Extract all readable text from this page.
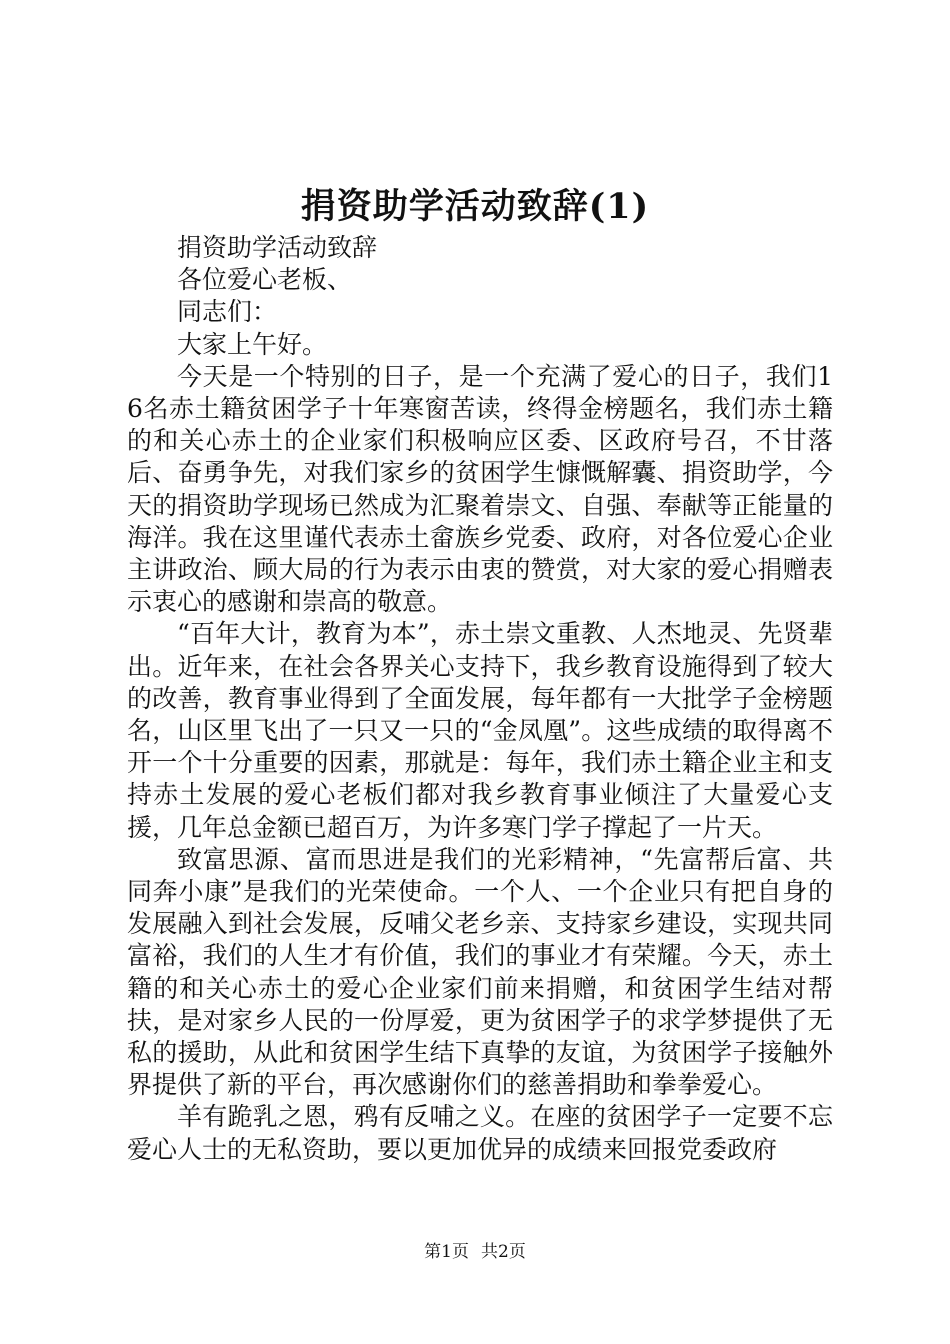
捐资助学活动致辞(1)

捐资助学活动致辞

各位爱心老板、

同志们：

大家上午好。

今天是一个特别的日子，是一个充满了爱心的日子，我们16名赤土籍贫困学子十年寒窗苦读，终得金榜题名，我们赤土籍的和关心赤土的企业家们积极响应区委、区政府号召，不甘落后、奋勇争先，对我们家乡的贫困学生慷慨解囊、捐资助学，今天的捐资助学现场已然成为汇聚着崇文、自强、奉献等正能量的海洋。我在这里谨代表赤土畲族乡党委、政府，对各位爱心企业主讲政治、顾大局的行为表示由衷的赞赏，对大家的爱心捐赠表示衷心的感谢和崇高的敬意。

“百年大计，教育为本”，赤土崇文重教、人杰地灵、先贤辈出。近年来，在社会各界关心支持下，我乡教育设施得到了较大的改善，教育事业得到了全面发展，每年都有一大批学子金榜题名，山区里飞出了一只又一只的“金凤凰”。这些成绩的取得离不开一个十分重要的因素，那就是：每年，我们赤土籍企业主和支持赤土发展的爱心老板们都对我乡教育事业倾注了大量爱心支援，几年总金额已超百万，为许多寒门学子撑起了一片天。

致富思源、富而思进是我们的光彩精神，“先富帮后富、共同奔小康”是我们的光荣使命。一个人、一个企业只有把自身的发展融入到社会发展，反哺父老乡亲、支持家乡建设，实现共同富裕，我们的人生才有价值，我们的事业才有荣耀。今天，赤土籍的和关心赤土的爱心企业家们前来捐赠，和贫困学生结对帮扶，是对家乡人民的一份厚爱，更为贫困学子的求学梦提供了无私的援助，从此和贫困学生结下真挚的友谊，为贫困学子接触外界提供了新的平台，再次感谢你们的慈善捐助和拳拳爱心。

羊有跪乳之恩，鸦有反哺之义。在座的贫困学子一定要不忘爱心人士的无私资助，要以更加优异的成绩来回报党委政府

第1页 共2页
